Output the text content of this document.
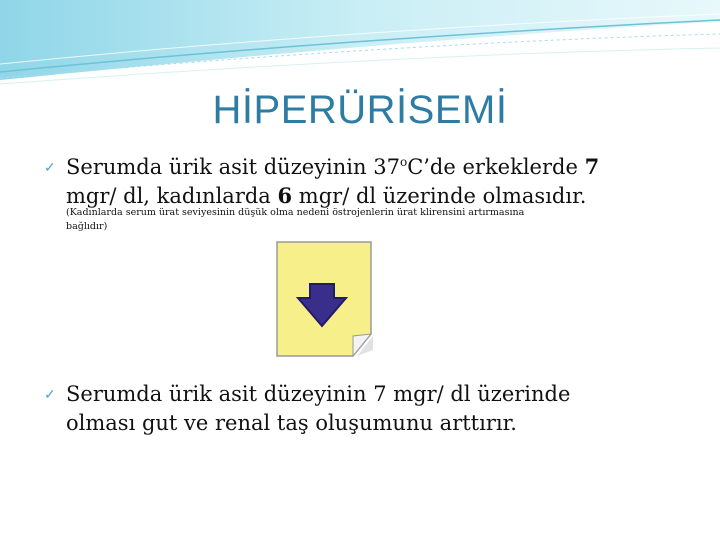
HİPERÜRİSEMİ
✓ Serumda ürik asit düzeyinin 37$^o$C’de erkeklerde 7
mgr/ dl, kadınlarda 6 mgr/ dl üzerinde olmasıdır.
(Kadınlarda serum ürat seviyesinin düşük olma nedeni östrojenlerin ürat klirensini artırmasına
bağlıdır)
✓ Serumda ürik asit düzeyinin 7 mgr/ dl üzerinde
olması gut ve renal taş oluşumunu arttırır.
